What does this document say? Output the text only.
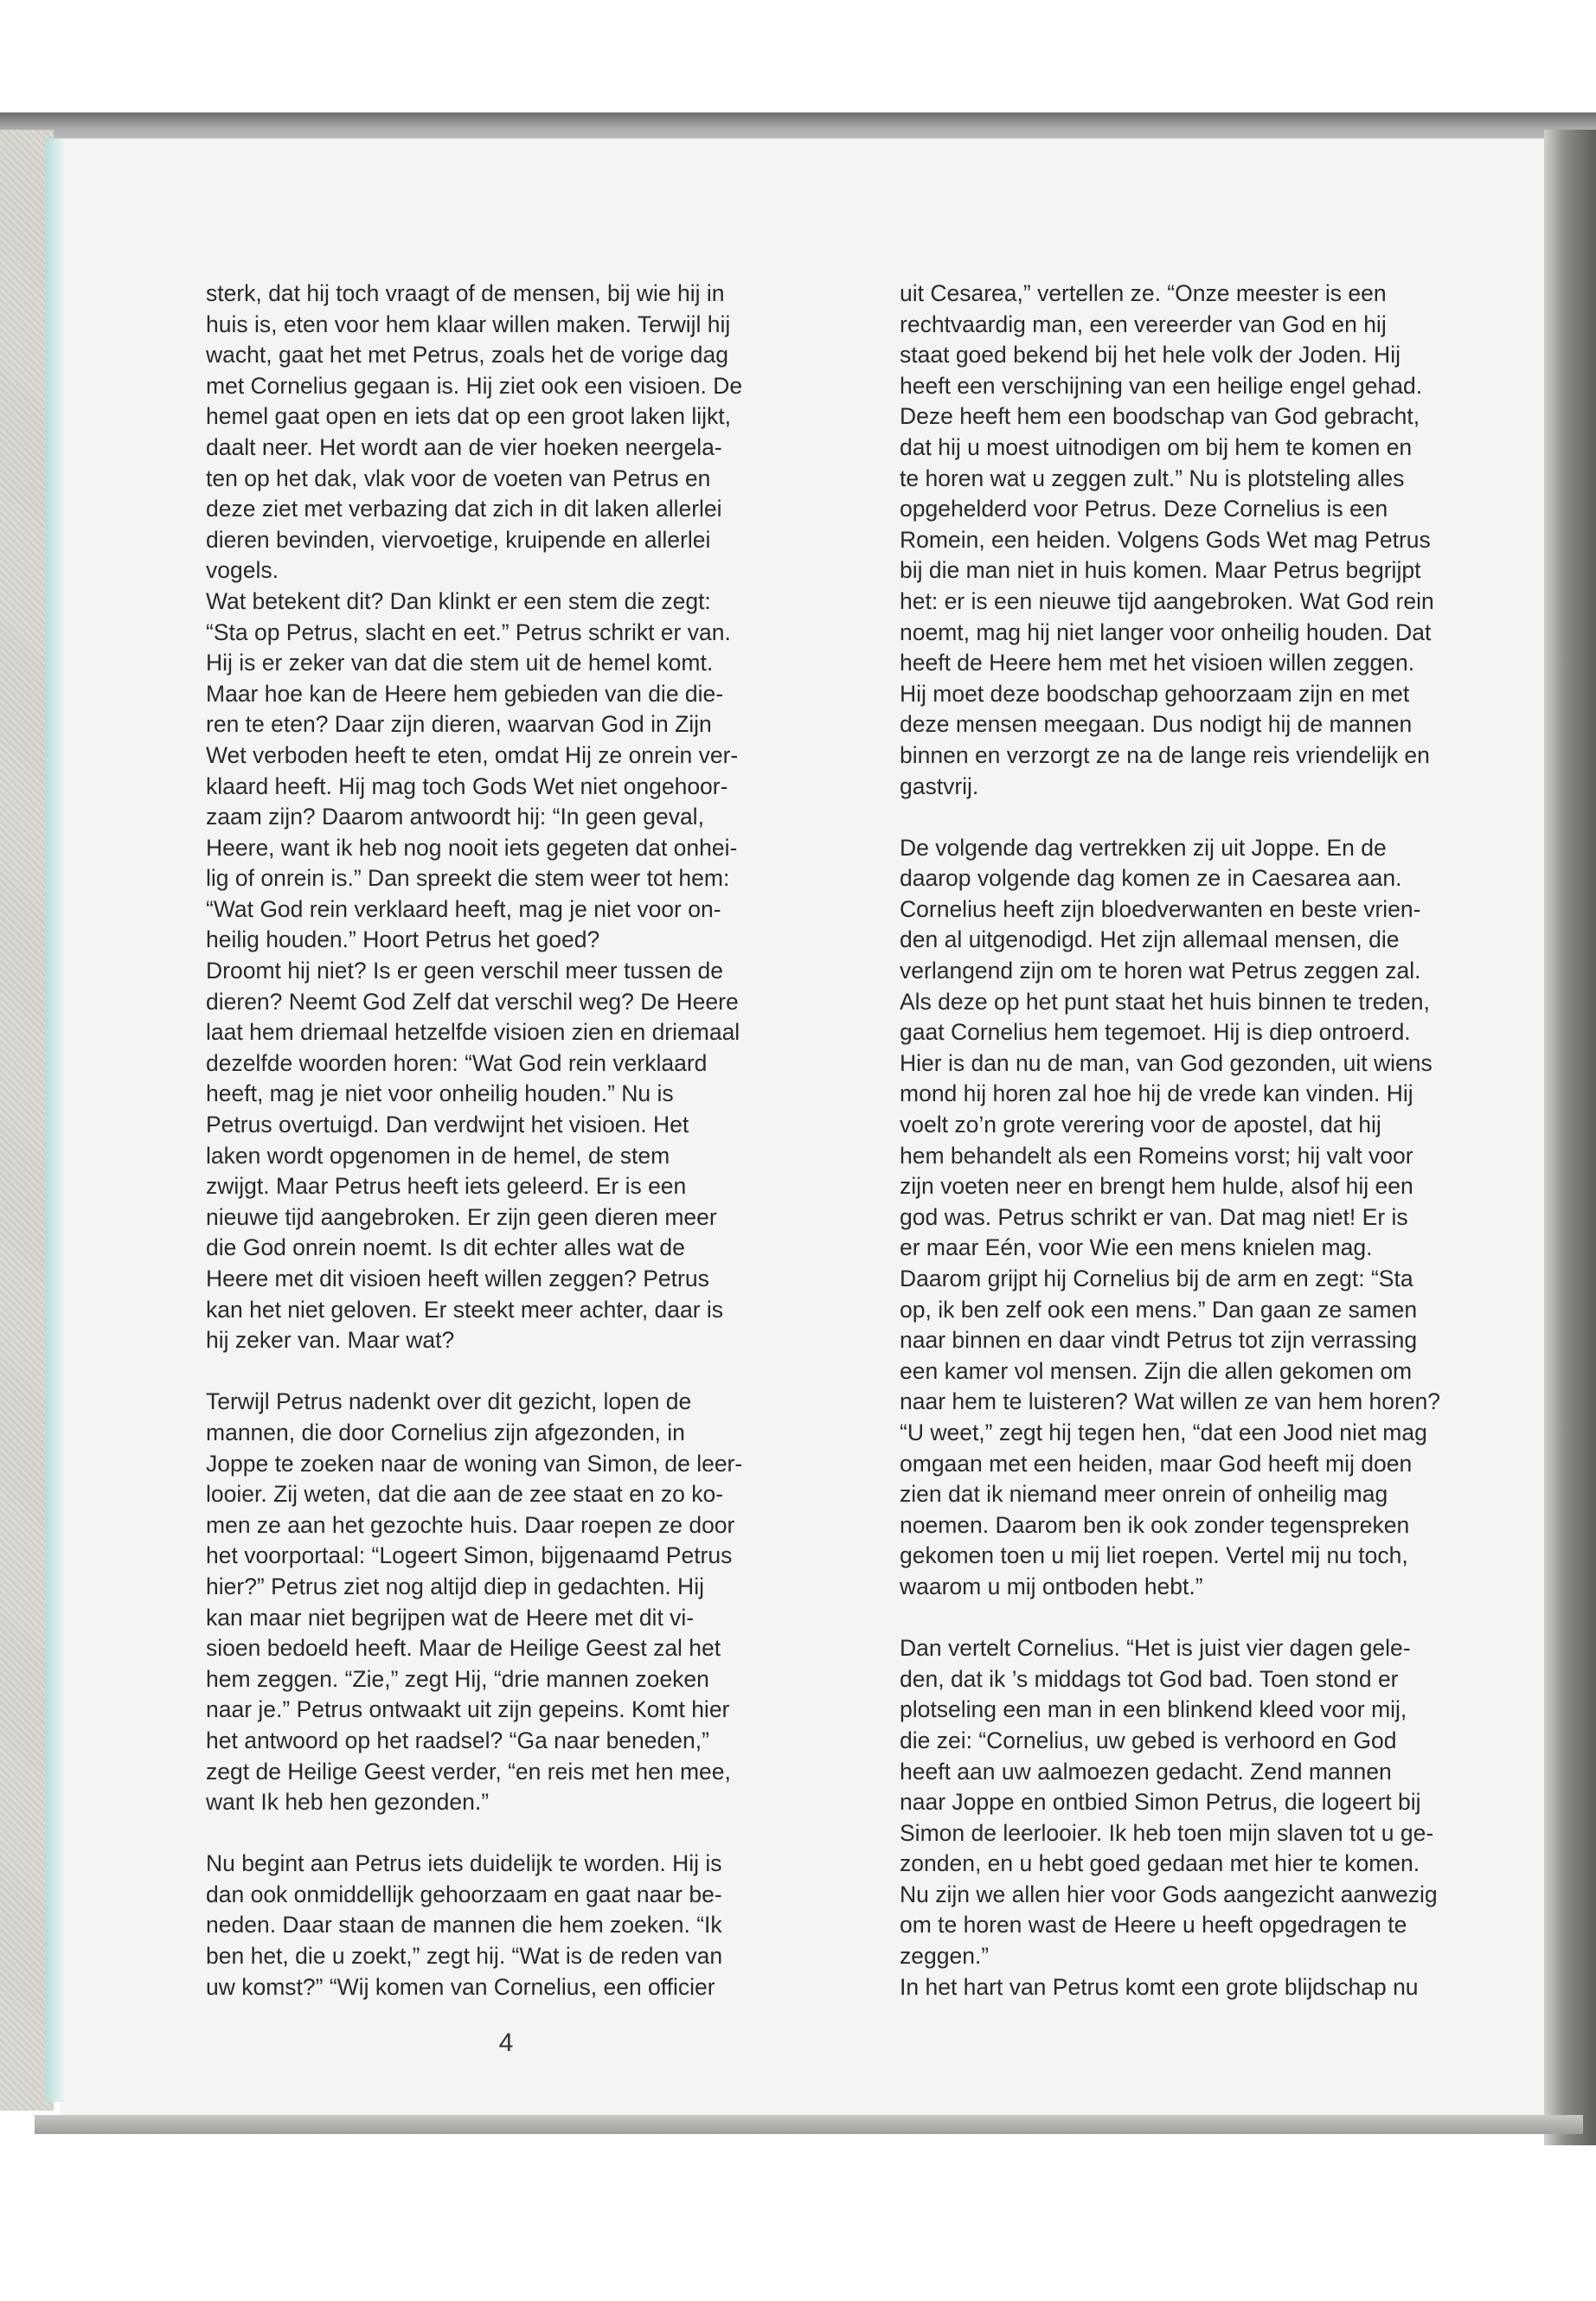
sterk, dat hij toch vraagt of de mensen, bij wie hij in
huis is, eten voor hem klaar willen maken. Terwijl hij
wacht, gaat het met Petrus, zoals het de vorige dag
met Cornelius gegaan is. Hij ziet ook een visioen. De
hemel gaat open en iets dat op een groot laken lijkt,
daalt neer. Het wordt aan de vier hoeken neergela-
ten op het dak, vlak voor de voeten van Petrus en
deze ziet met verbazing dat zich in dit laken allerlei
dieren bevinden, viervoetige, kruipende en allerlei
vogels.
Wat betekent dit? Dan klinkt er een stem die zegt:
“Sta op Petrus, slacht en eet.” Petrus schrikt er van.
Hij is er zeker van dat die stem uit de hemel komt.
Maar hoe kan de Heere hem gebieden van die die-
ren te eten? Daar zijn dieren, waarvan God in Zijn
Wet verboden heeft te eten, omdat Hij ze onrein ver-
klaard heeft. Hij mag toch Gods Wet niet ongehoor-
zaam zijn? Daarom antwoordt hij: “In geen geval,
Heere, want ik heb nog nooit iets gegeten dat onhei-
lig of onrein is.” Dan spreekt die stem weer tot hem:
“Wat God rein verklaard heeft, mag je niet voor on-
heilig houden.” Hoort Petrus het goed?
Droomt hij niet? Is er geen verschil meer tussen de
dieren? Neemt God Zelf dat verschil weg? De Heere
laat hem driemaal hetzelfde visioen zien en driemaal
dezelfde woorden horen: “Wat God rein verklaard
heeft, mag je niet voor onheilig houden.” Nu is
Petrus overtuigd. Dan verdwijnt het visioen. Het
laken wordt opgenomen in de hemel, de stem
zwijgt. Maar Petrus heeft iets geleerd. Er is een
nieuwe tijd aangebroken. Er zijn geen dieren meer
die God onrein noemt. Is dit echter alles wat de
Heere met dit visioen heeft willen zeggen? Petrus
kan het niet geloven. Er steekt meer achter, daar is
hij zeker van. Maar wat?
Terwijl Petrus nadenkt over dit gezicht, lopen de
mannen, die door Cornelius zijn afgezonden, in
Joppe te zoeken naar de woning van Simon, de leer-
looier. Zij weten, dat die aan de zee staat en zo ko-
men ze aan het gezochte huis. Daar roepen ze door
het voorportaal: “Logeert Simon, bijgenaamd Petrus
hier?” Petrus ziet nog altijd diep in gedachten. Hij
kan maar niet begrijpen wat de Heere met dit vi-
sioen bedoeld heeft. Maar de Heilige Geest zal het
hem zeggen. “Zie,” zegt Hij, “drie mannen zoeken
naar je.” Petrus ontwaakt uit zijn gepeins. Komt hier
het antwoord op het raadsel? “Ga naar beneden,”
zegt de Heilige Geest verder, “en reis met hen mee,
want Ik heb hen gezonden.”
Nu begint aan Petrus iets duidelijk te worden. Hij is
dan ook onmiddellijk gehoorzaam en gaat naar be-
neden. Daar staan de mannen die hem zoeken. “Ik
ben het, die u zoekt,” zegt hij. “Wat is de reden van
uw komst?” “Wij komen van Cornelius, een officier
uit Cesarea,” vertellen ze. “Onze meester is een
rechtvaardig man, een vereerder van God en hij
staat goed bekend bij het hele volk der Joden. Hij
heeft een verschijning van een heilige engel gehad.
Deze heeft hem een boodschap van God gebracht,
dat hij u moest uitnodigen om bij hem te komen en
te horen wat u zeggen zult.” Nu is plotsteling alles
opgehelderd voor Petrus. Deze Cornelius is een
Romein, een heiden. Volgens Gods Wet mag Petrus
bij die man niet in huis komen. Maar Petrus begrijpt
het: er is een nieuwe tijd aangebroken. Wat God rein
noemt, mag hij niet langer voor onheilig houden. Dat
heeft de Heere hem met het visioen willen zeggen.
Hij moet deze boodschap gehoorzaam zijn en met
deze mensen meegaan. Dus nodigt hij de mannen
binnen en verzorgt ze na de lange reis vriendelijk en
gastvrij.
De volgende dag vertrekken zij uit Joppe. En de
daarop volgende dag komen ze in Caesarea aan.
Cornelius heeft zijn bloedverwanten en beste vrien-
den al uitgenodigd. Het zijn allemaal mensen, die
verlangend zijn om te horen wat Petrus zeggen zal.
Als deze op het punt staat het huis binnen te treden,
gaat Cornelius hem tegemoet. Hij is diep ontroerd.
Hier is dan nu de man, van God gezonden, uit wiens
mond hij horen zal hoe hij de vrede kan vinden. Hij
voelt zo’n grote verering voor de apostel, dat hij
hem behandelt als een Romeins vorst; hij valt voor
zijn voeten neer en brengt hem hulde, alsof hij een
god was. Petrus schrikt er van. Dat mag niet! Er is
er maar Eén, voor Wie een mens knielen mag.
Daarom grijpt hij Cornelius bij de arm en zegt: “Sta
op, ik ben zelf ook een mens.” Dan gaan ze samen
naar binnen en daar vindt Petrus tot zijn verrassing
een kamer vol mensen. Zijn die allen gekomen om
naar hem te luisteren? Wat willen ze van hem horen?
“U weet,” zegt hij tegen hen, “dat een Jood niet mag
omgaan met een heiden, maar God heeft mij doen
zien dat ik niemand meer onrein of onheilig mag
noemen. Daarom ben ik ook zonder tegenspreken
gekomen toen u mij liet roepen. Vertel mij nu toch,
waarom u mij ontboden hebt.”
Dan vertelt Cornelius. “Het is juist vier dagen gele-
den, dat ik ’s middags tot God bad. Toen stond er
plotseling een man in een blinkend kleed voor mij,
die zei: “Cornelius, uw gebed is verhoord en God
heeft aan uw aalmoezen gedacht. Zend mannen
naar Joppe en ontbied Simon Petrus, die logeert bij
Simon de leerlooier. Ik heb toen mijn slaven tot u ge-
zonden, en u hebt goed gedaan met hier te komen.
Nu zijn we allen hier voor Gods aangezicht aanwezig
om te horen wast de Heere u heeft opgedragen te
zeggen.”
In het hart van Petrus komt een grote blijdschap nu
4
